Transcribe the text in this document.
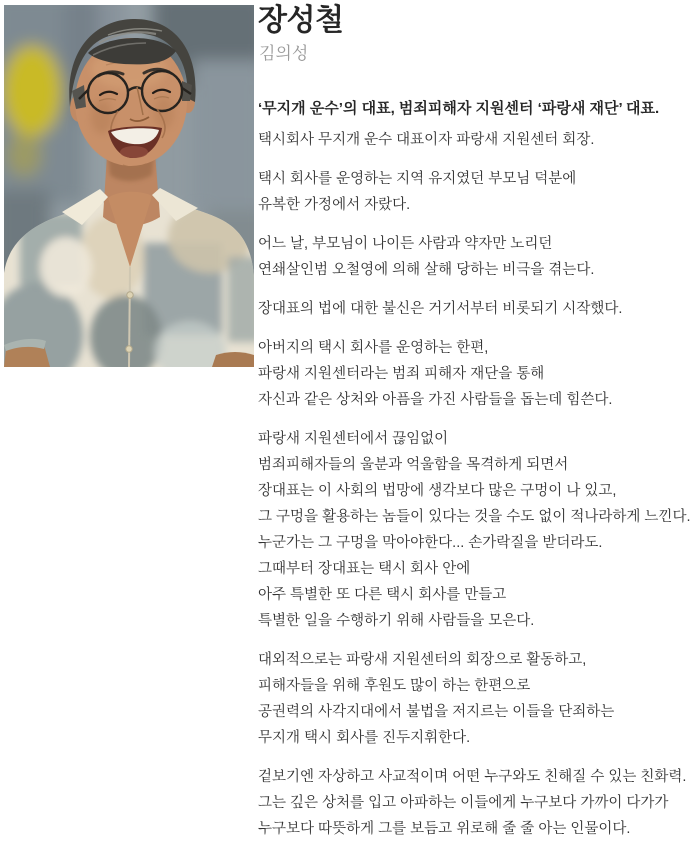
장성철
김의성

‘무지개 운수’의 대표, 범죄피해자 지원센터 ‘파랑새 재단’ 대표.

택시회사 무지개 운수 대표이자 파랑새 지원센터 회장.

택시 회사를 운영하는 지역 유지였던 부모님 덕분에
유복한 가정에서 자랐다.

어느 날, 부모님이 나이든 사람과 약자만 노리던
연쇄살인범 오철영에 의해 살해 당하는 비극을 겪는다.

장대표의 법에 대한 불신은 거기서부터 비롯되기 시작했다.

아버지의 택시 회사를 운영하는 한편,
파랑새 지원센터라는 범죄 피해자 재단을 통해
자신과 같은 상처와 아픔을 가진 사람들을 돕는데 힘쓴다.

파랑새 지원센터에서 끊임없이
범죄피해자들의 울분과 억울함을 목격하게 되면서
장대표는 이 사회의 법망에 생각보다 많은 구멍이 나 있고,
그 구멍을 활용하는 놈들이 있다는 것을 수도 없이 적나라하게 느낀다.
누군가는 그 구멍을 막아야한다... 손가락질을 받더라도.
그때부터 장대표는 택시 회사 안에
아주 특별한 또 다른 택시 회사를 만들고
특별한 일을 수행하기 위해 사람들을 모은다.

대외적으로는 파랑새 지원센터의 회장으로 활동하고,
피해자들을 위해 후원도 많이 하는 한편으로
공권력의 사각지대에서 불법을 저지르는 이들을 단죄하는
무지개 택시 회사를 진두지휘한다.

겉보기엔 자상하고 사교적이며 어떤 누구와도 친해질 수 있는 친화력.
그는 깊은 상처를 입고 아파하는 이들에게 누구보다 가까이 다가가
누구보다 따뜻하게 그를 보듬고 위로해 줄 줄 아는 인물이다.
